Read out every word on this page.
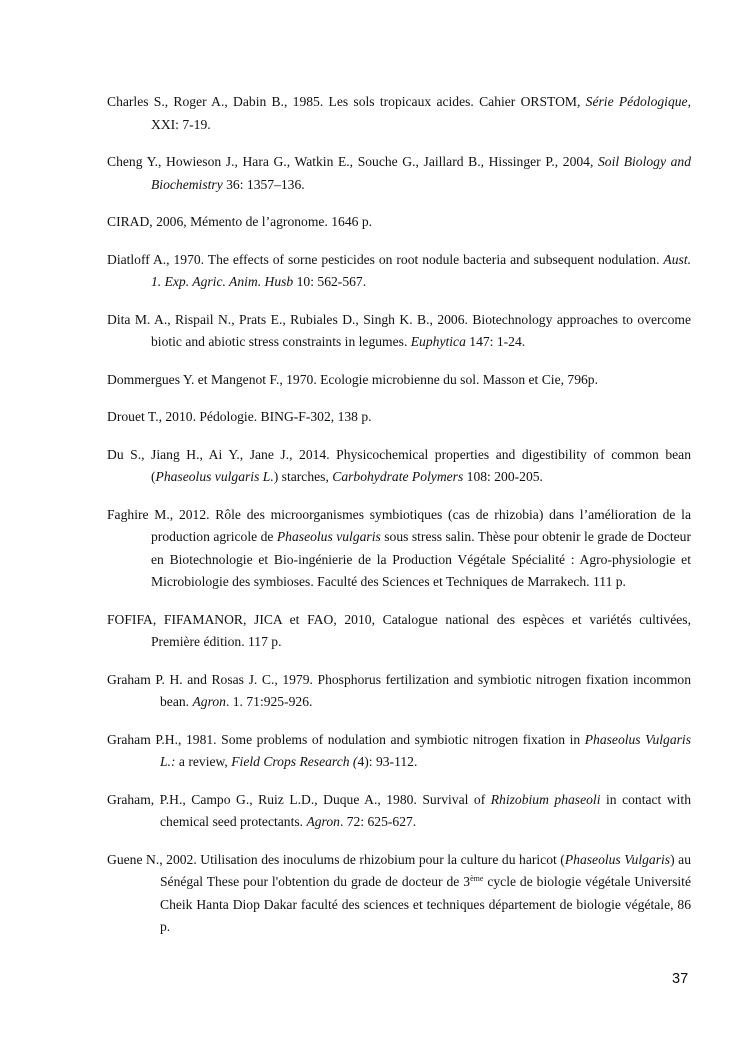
Charles S., Roger A., Dabin B., 1985. Les sols tropicaux acides. Cahier ORSTOM, Série Pédologique, XXI: 7-19.

Cheng Y., Howieson J., Hara G., Watkin E., Souche G., Jaillard B., Hissinger P., 2004, Soil Biology and Biochemistry 36: 1357–136.

CIRAD, 2006, Mémento de l’agronome. 1646 p.

Diatloff A., 1970. The effects of sorne pesticides on root nodule bacteria and subsequent nodulation. Aust. 1. Exp. Agric. Anim. Husb 10: 562-567.

Dita M. A., Rispail N., Prats E., Rubiales D., Singh K. B., 2006. Biotechnology approaches to overcome biotic and abiotic stress constraints in legumes. Euphytica 147: 1-24.

Dommergues Y. et Mangenot F., 1970. Ecologie microbienne du sol. Masson et Cie, 796p.

Drouet T., 2010. Pédologie. BING-F-302, 138 p.

Du S., Jiang H., Ai Y., Jane J., 2014. Physicochemical properties and digestibility of common bean (Phaseolus vulgaris L.) starches, Carbohydrate Polymers 108: 200-205.

Faghire M., 2012. Rôle des microorganismes symbiotiques (cas de rhizobia) dans l’amélioration de la production agricole de Phaseolus vulgaris sous stress salin. Thèse pour obtenir le grade de Docteur en Biotechnologie et Bio-ingénierie de la Production Végétale Spécialité : Agro-physiologie et Microbiologie des symbioses. Faculté des Sciences et Techniques de Marrakech. 111 p.

FOFIFA, FIFAMANOR, JICA et FAO, 2010, Catalogue national des espèces et variétés cultivées, Première édition. 117 p.

Graham P. H. and Rosas J. C., 1979. Phosphorus fertilization and symbiotic nitrogen fixation incommon bean. Agron. 1. 71:925-926.

Graham P.H., 1981. Some problems of nodulation and symbiotic nitrogen fixation in Phaseolus Vulgaris L.: a review, Field Crops Research (4): 93-112.

Graham, P.H., Campo G., Ruiz L.D., Duque A., 1980. Survival of Rhizobium phaseoli in contact with chemical seed protectants. Agron. 72: 625-627.

Guene N., 2002. Utilisation des inoculums de rhizobium pour la culture du haricot (Phaseolus Vulgaris) au Sénégal These pour l'obtention du grade de docteur de 3ème cycle de biologie végétale Université Cheik Hanta Diop Dakar faculté des sciences et techniques département de biologie végétale, 86 p.

37
